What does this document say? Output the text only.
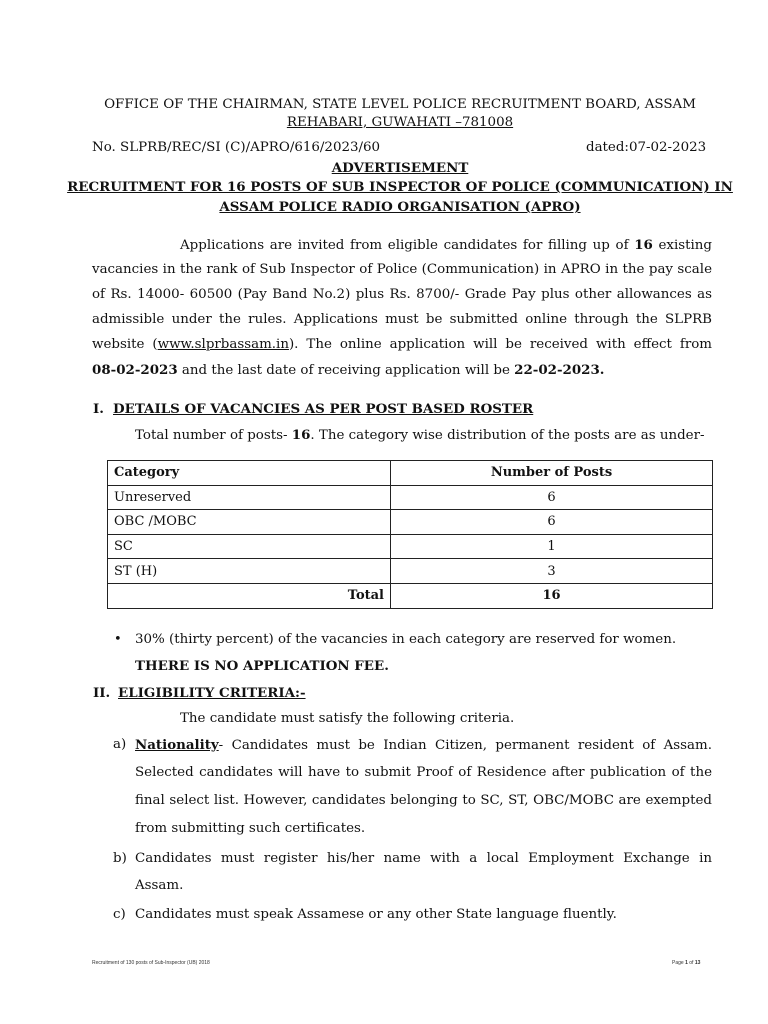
OFFICE OF THE CHAIRMAN, STATE LEVEL POLICE RECRUITMENT BOARD, ASSAM
REHABARI, GUWAHATI –781008
No. SLPRB/REC/SI (C)/APRO/616/2023/60	dated:07-02-2023
ADVERTISEMENT
RECRUITMENT FOR 16 POSTS OF SUB INSPECTOR OF POLICE (COMMUNICATION) IN
ASSAM POLICE RADIO ORGANISATION (APRO)
Applications are invited from eligible candidates for filling up of 16 existing
vacancies in the rank of Sub Inspector of Police (Communication) in APRO in the pay scale
of Rs. 14000- 60500 (Pay Band No.2) plus Rs. 8700/- Grade Pay plus other allowances as
admissible under the rules. Applications must be submitted online through the SLPRB
website (www.slprbassam.in). The online application will be received with effect from
08-02-2023 and the last date of receiving application will be 22-02-2023.
I. DETAILS OF VACANCIES AS PER POST BASED ROSTER
Total number of posts- 16. The category wise distribution of the posts are as under-
Category	Number of Posts
Unreserved	6
OBC /MOBC	6
SC	1
ST (H)	3
Total	16
• 30% (thirty percent) of the vacancies in each category are reserved for women.
THERE IS NO APPLICATION FEE.
II. ELIGIBILITY CRITERIA:-
The candidate must satisfy the following criteria.
a) Nationality- Candidates must be Indian Citizen, permanent resident of Assam.
Selected candidates will have to submit Proof of Residence after publication of the
final select list. However, candidates belonging to SC, ST, OBC/MOBC are exempted
from submitting such certificates.
b) Candidates must register his/her name with a local Employment Exchange in
Assam.
c) Candidates must speak Assamese or any other State language fluently.
Recruitment of 130 posts of Sub-Inspector (UB) 2018	Page 1 of 13
